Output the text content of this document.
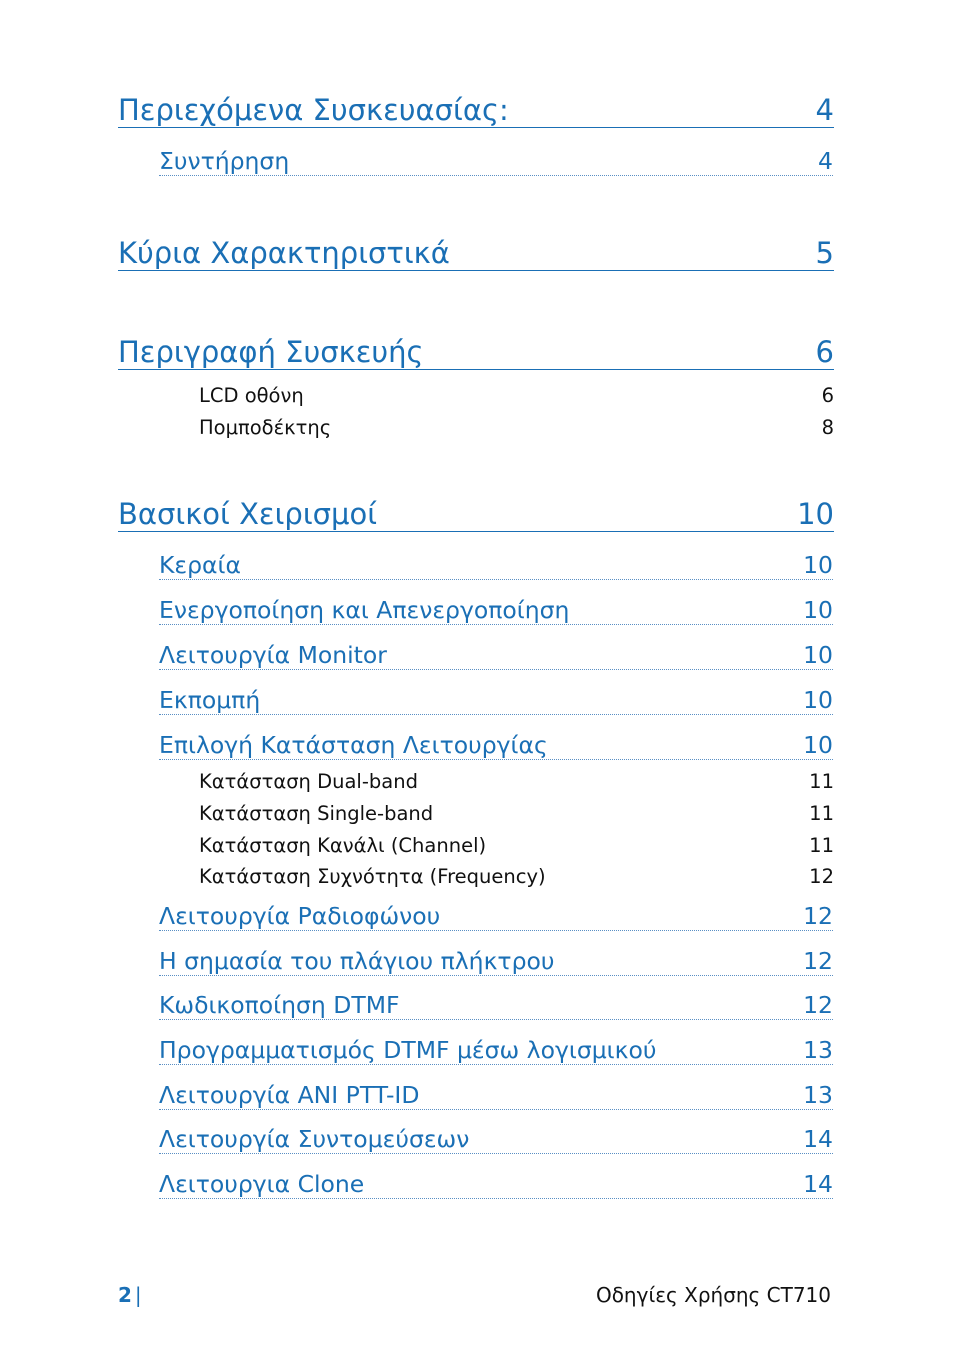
Περιεχόμενα Συσκευασίας:	4
Συντήρηση	4
Κύρια Χαρακτηριστικά	5
Περιγραφή Συσκευής	6
LCD οθόνη	6
Πομποδέκτης	8
Βασικοί Χειρισμοί	10
Κεραία	10
Ενεργοποίηση και Απενεργοποίηση	10
Λειτουργία Monitor	10
Εκπομπή	10
Επιλογή Κατάσταση Λειτουργίας	10
Κατάσταση Dual-band	11
Κατάσταση Single-band	11
Κατάσταση Κανάλι (Channel)	11
Κατάσταση Συχνότητα (Frequency)	12
Λειτουργία Ραδιοφώνου	12
Η σημασία του πλάγιου πλήκτρου	12
Κωδικοποίηση DTMF	12
Προγραμματισμός DTMF μέσω λογισμικού	13
Λειτουργία ANI PTT-ID	13
Λειτουργία Συντομεύσεων	14
Λειτουργια Clone	14
2 |	Οδηγίες Χρήσης CT710
